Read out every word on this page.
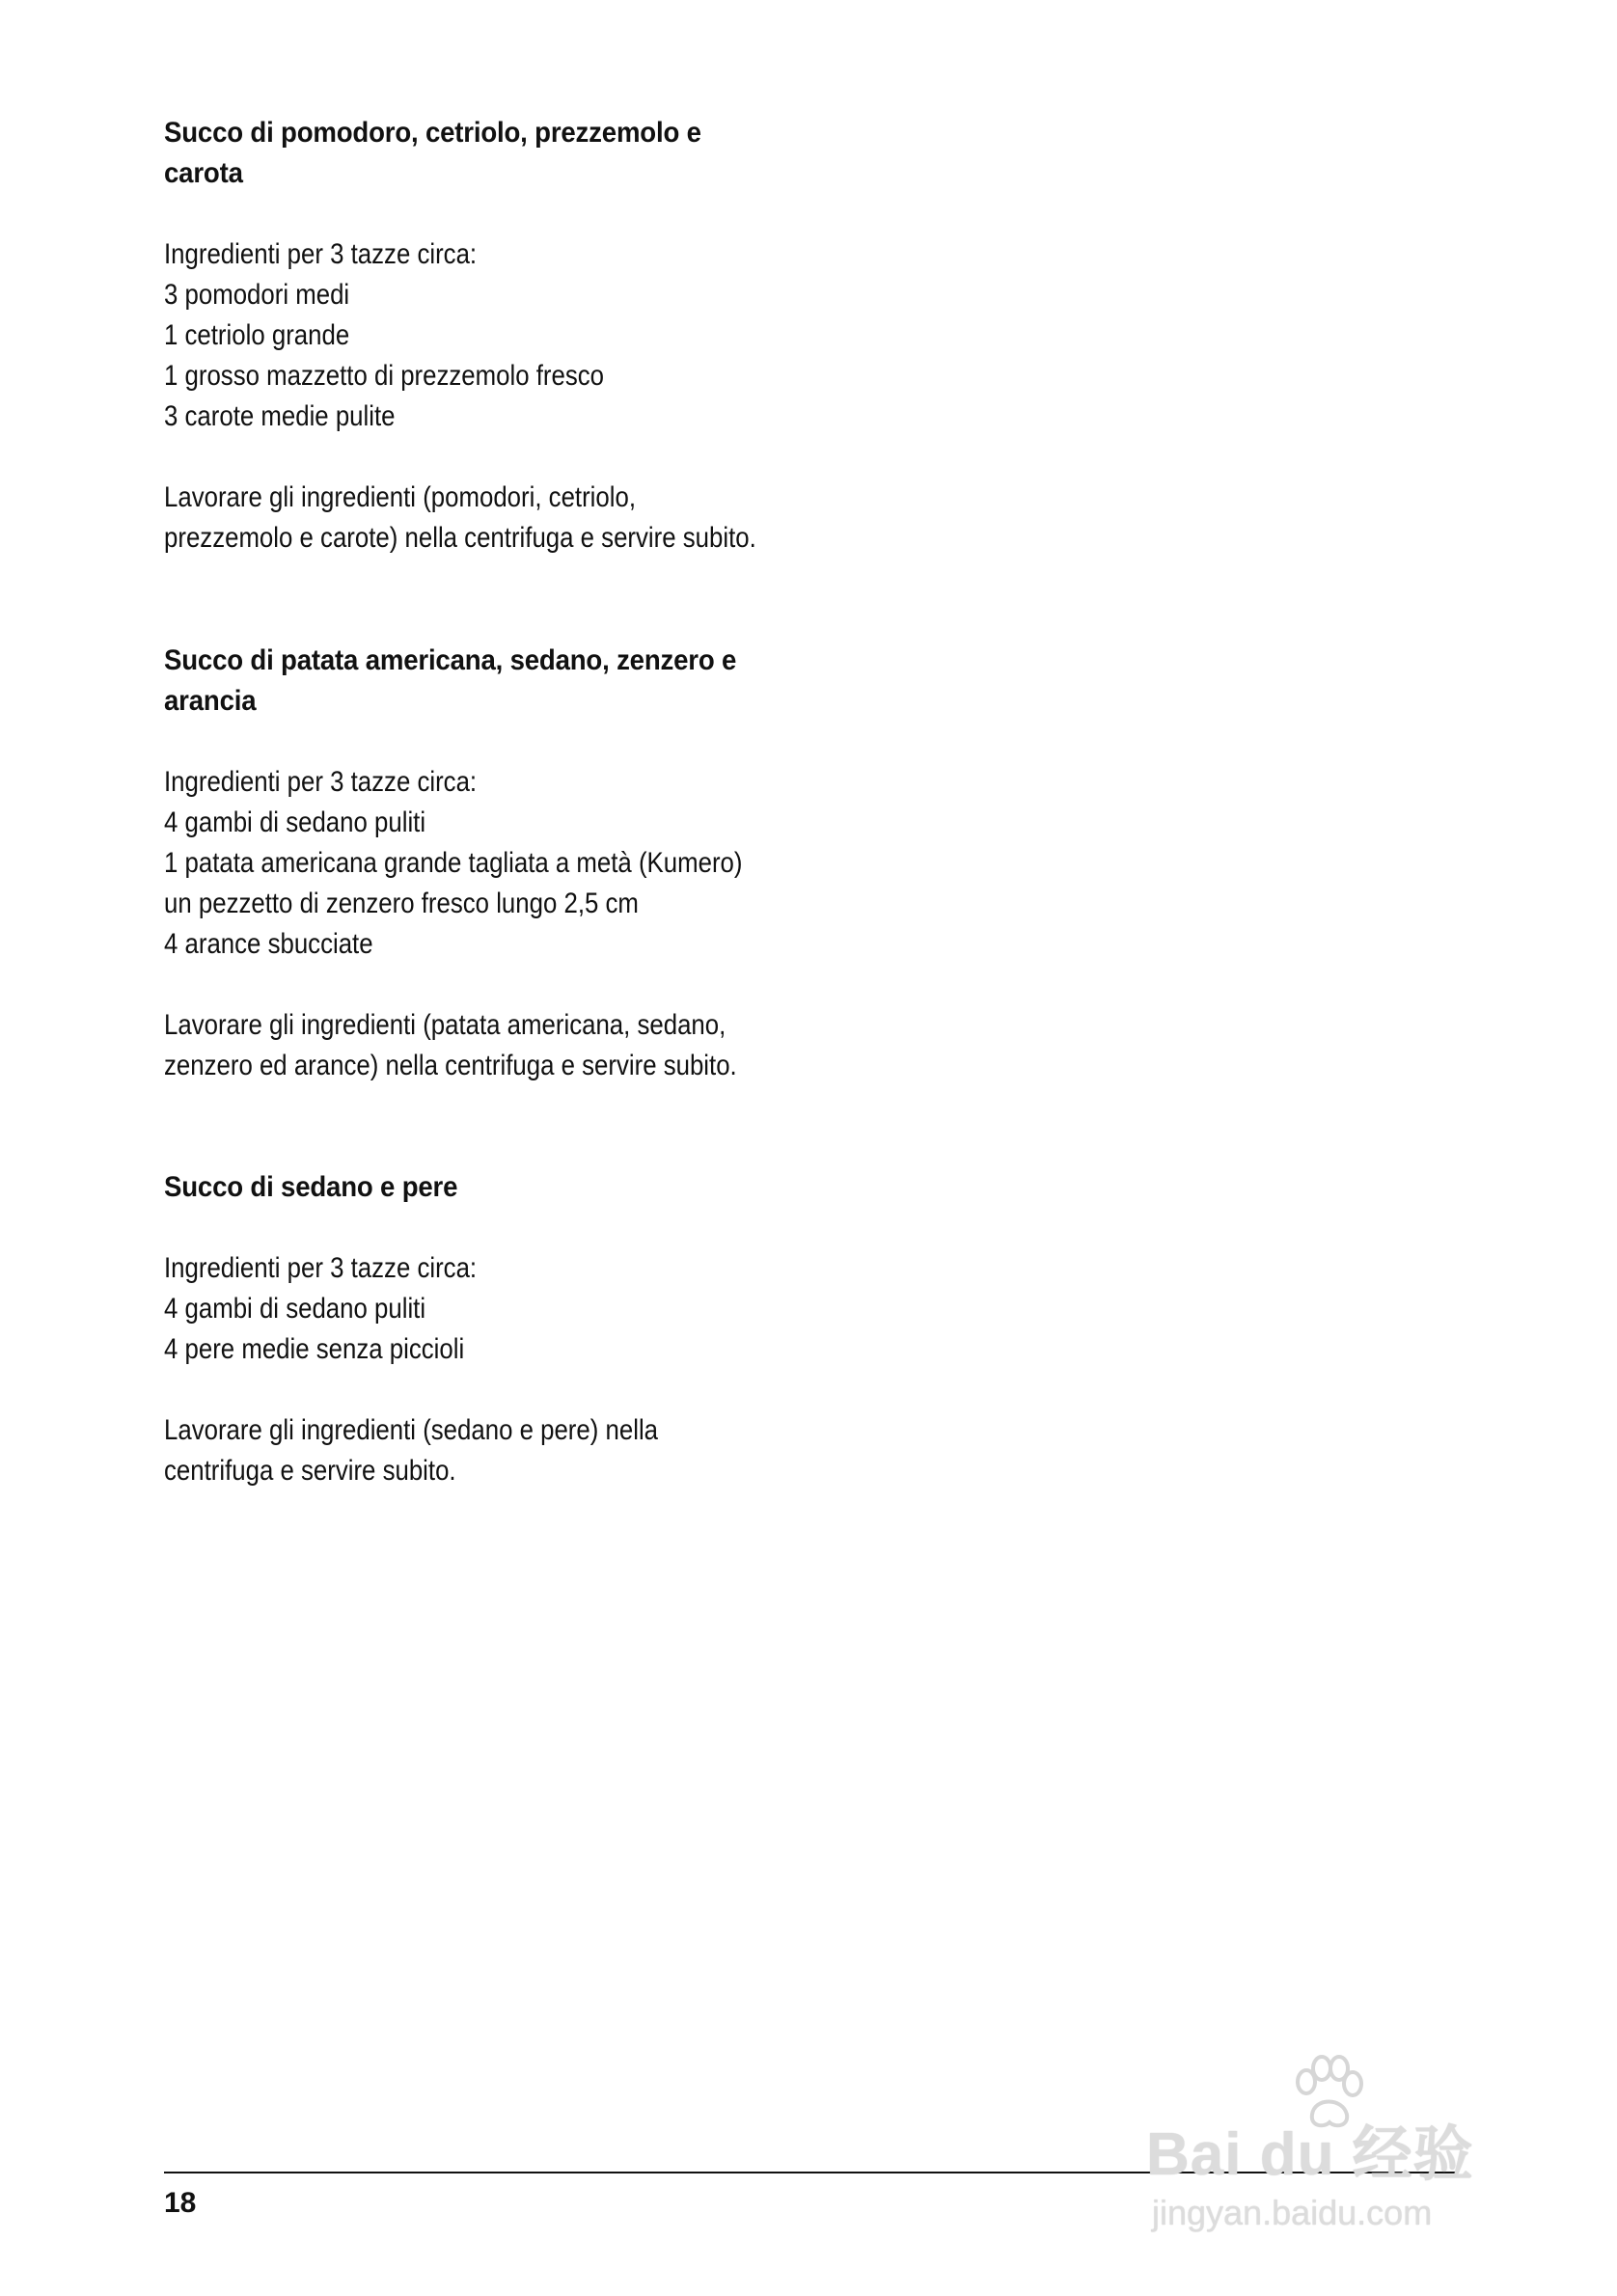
Succo di pomodoro, cetriolo, prezzemolo e
carota

Ingredienti per 3 tazze circa:
3 pomodori medi
1 cetriolo grande
1 grosso mazzetto di prezzemolo fresco
3 carote medie pulite

Lavorare gli ingredienti (pomodori, cetriolo,
prezzemolo e carote) nella centrifuga e servire subito.

Succo di patata americana, sedano, zenzero e
arancia

Ingredienti per 3 tazze circa:
4 gambi di sedano puliti
1 patata americana grande tagliata a metà (Kumero)
un pezzetto di zenzero fresco lungo 2,5 cm
4 arance sbucciate

Lavorare gli ingredienti (patata americana, sedano,
zenzero ed arance) nella centrifuga e servire subito.

Succo di sedano e pere

Ingredienti per 3 tazze circa:
4 gambi di sedano puliti
4 pere medie senza piccioli

Lavorare gli ingredienti (sedano e pere) nella
centrifuga e servire subito.

18
Bai du 经验
jingyan.baidu.com
